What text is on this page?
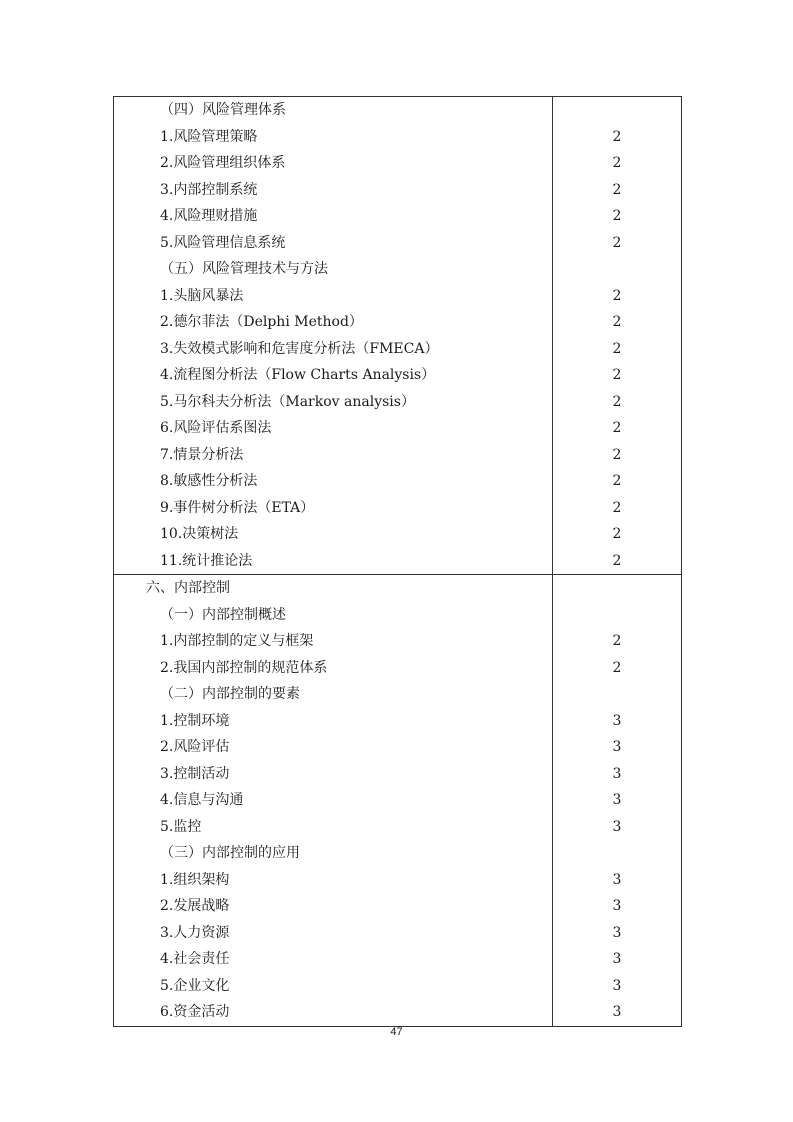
（四）风险管理体系
1.风险管理策略
2.风险管理组织体系
3.内部控制系统
4.风险理财措施
5.风险管理信息系统
（五）风险管理技术与方法
1.头脑风暴法
2.德尔菲法（Delphi Method）
3.失效模式影响和危害度分析法（FMECA）
4.流程图分析法（Flow Charts Analysis）
5.马尔科夫分析法（Markov analysis）
6.风险评估系图法
7.情景分析法
8.敏感性分析法
9.事件树分析法（ETA）
10.决策树法
11.统计推论法
2
2
2
2
2
2
2
2
2
2
2
2
2
2
2
2
六、内部控制
（一）内部控制概述
1.内部控制的定义与框架
2.我国内部控制的规范体系
（二）内部控制的要素
1.控制环境
2.风险评估
3.控制活动
4.信息与沟通
5.监控
（三）内部控制的应用
1.组织架构
2.发展战略
3.人力资源
4.社会责任
5.企业文化
6.资金活动
2
2
3
3
3
3
3
3
3
3
3
3
3
47
